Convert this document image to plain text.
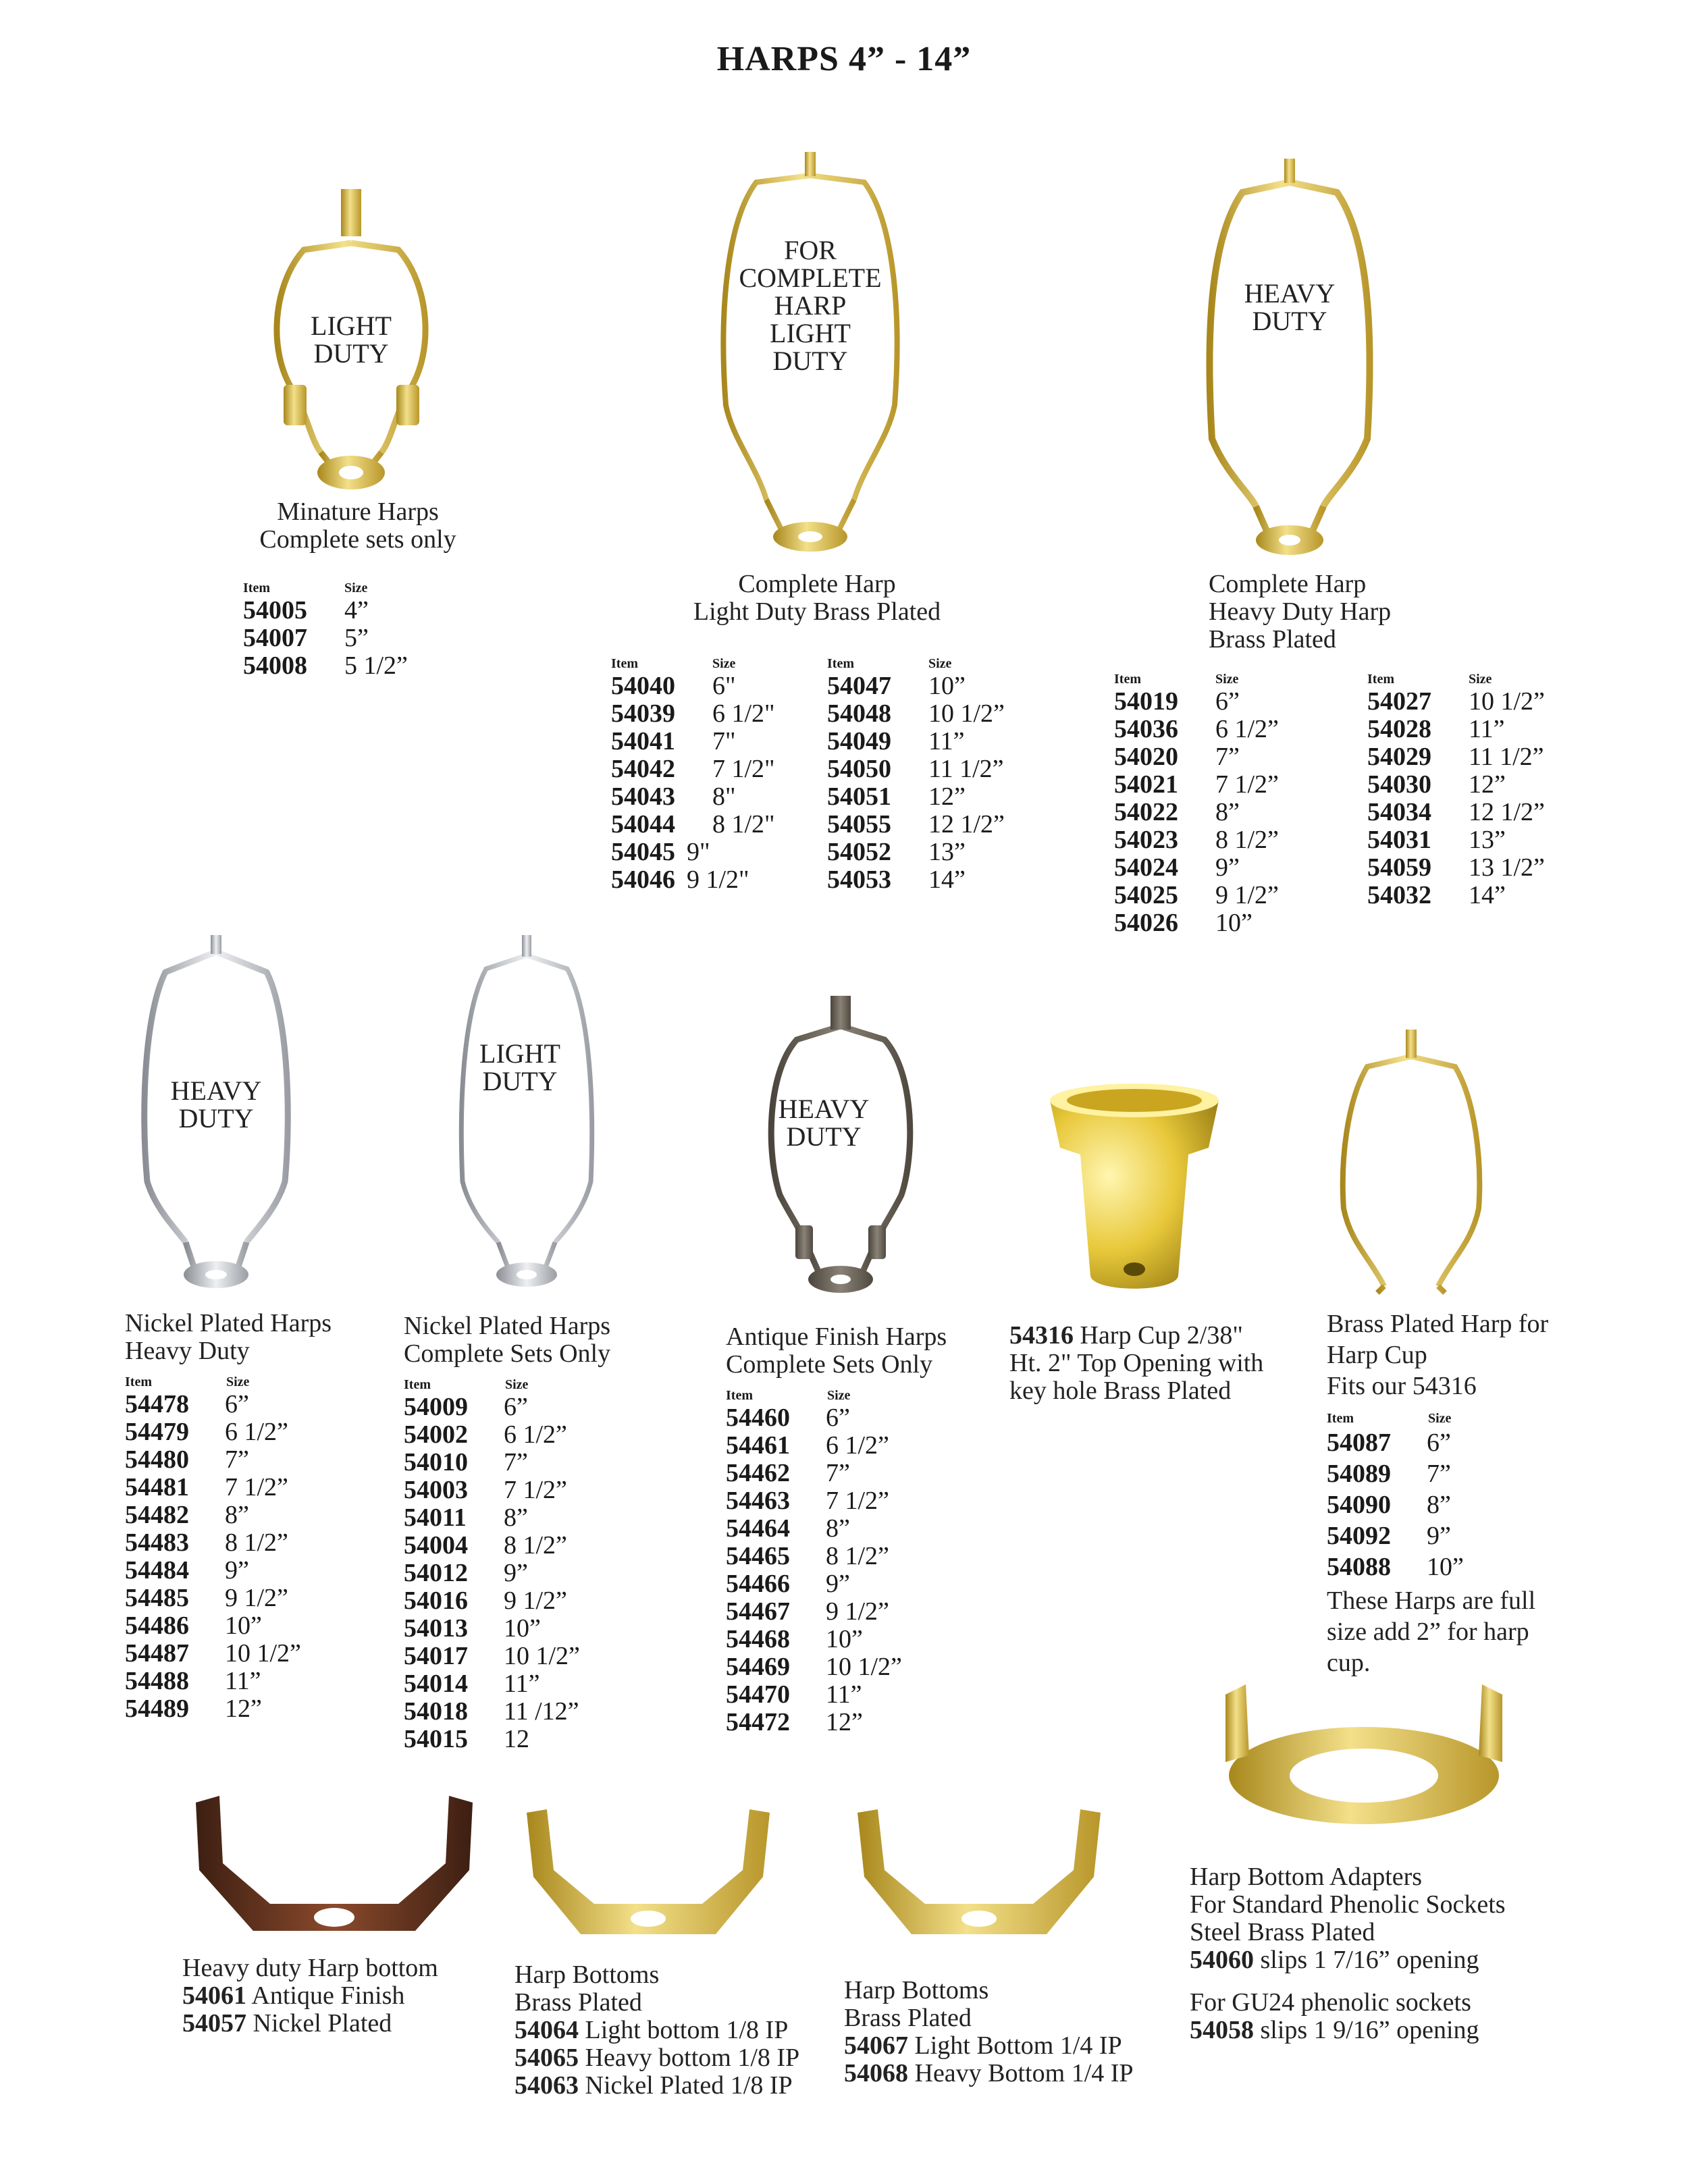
HARPS 4” - 14”
LIGHT
DUTY
Minature Harps
Complete sets only
Item	Size
54005 4”
54007 5”
54008 5 1/2”
FOR
COMPLETE
HARP
LIGHT
DUTY
Complete Harp
Light Duty Brass Plated
Item	Size
54040 6"
54039 6 1/2"
54041 7"
54042 7 1/2"
54043 8"
54044 8 1/2"
54045 9"
54046 9 1/2"
Item	Size
54047 10”
54048 10 1/2”
54049 11”
54050 11 1/2”
54051 12”
54055 12 1/2”
54052 13”
54053 14”
HEAVY
DUTY
Complete Harp
Heavy Duty Harp
Brass Plated
Item	Size
54019 6”
54036 6 1/2”
54020 7”
54021 7 1/2”
54022 8”
54023 8 1/2”
54024 9”
54025 9 1/2”
54026 10”
Item	Size
54027 10 1/2”
54028 11”
54029 11 1/2”
54030 12”
54034 12 1/2”
54031 13”
54059 13 1/2”
54032 14”
HEAVY
DUTY
Nickel Plated Harps
Heavy Duty
Item	Size
54478 6”
54479 6 1/2”
54480 7”
54481 7 1/2”
54482 8”
54483 8 1/2”
54484 9”
54485 9 1/2”
54486 10”
54487 10 1/2”
54488 11”
54489 12”
LIGHT
DUTY
Nickel Plated Harps
Complete Sets Only
Item	Size
54009 6”
54002 6 1/2”
54010 7”
54003 7 1/2”
54011 8”
54004 8 1/2”
54012 9”
54016 9 1/2”
54013 10”
54017 10 1/2”
54014 11”
54018 11 /12”
54015 12
HEAVY
DUTY
Antique Finish Harps
Complete Sets Only
Item	Size
54460 6”
54461 6 1/2”
54462 7”
54463 7 1/2”
54464 8”
54465 8 1/2”
54466 9”
54467 9 1/2”
54468 10”
54469 10 1/2”
54470 11”
54472 12”
54316 Harp Cup 2/38"
Ht. 2" Top Opening with
key hole Brass Plated
Brass Plated Harp for
Harp Cup
Fits our 54316
Item	Size
54087 6”
54089 7”
54090 8”
54092 9”
54088 10”
These Harps are full
size add 2” for harp
cup.
Heavy duty Harp bottom
54061 Antique Finish
54057 Nickel Plated
Harp Bottoms
Brass Plated
54064 Light bottom 1/8 IP
54065 Heavy bottom 1/8 IP
54063 Nickel Plated 1/8 IP
Harp Bottoms
Brass Plated
54067 Light Bottom 1/4 IP
54068 Heavy Bottom 1/4 IP
Harp Bottom Adapters
For Standard Phenolic Sockets
Steel Brass Plated
54060 slips 1 7/16” opening
For GU24 phenolic sockets
54058 slips 1 9/16” opening
